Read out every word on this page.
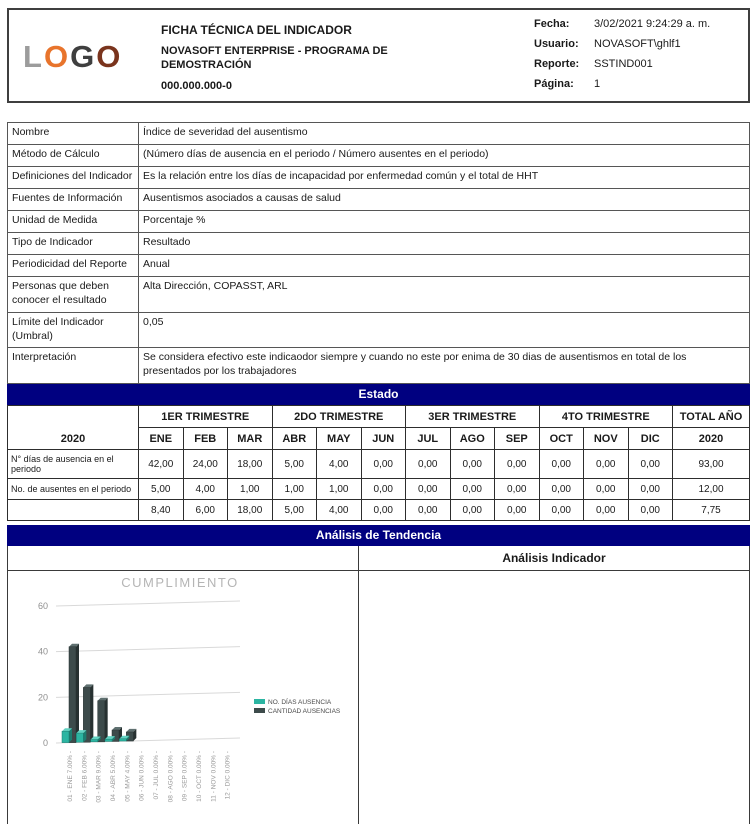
L O G O
FICHA TÉCNICA DEL INDICADOR
NOVASOFT ENTERPRISE - PROGRAMA DE DEMOSTRACIÓN
000.000.000-0
Fecha:	3/02/2021 9:24:29 a. m.
Usuario:	NOVASOFT\ghlf1
Reporte:	SSTIND001
Página:	1
Nombre	Índice de severidad del ausentismo
Método de Cálculo	(Número días de ausencia en el periodo / Número ausentes en el periodo)
Definiciones del Indicador	Es la relación entre los días de incapacidad por enfermedad común y el total de HHT
Fuentes de Información	Ausentismos asociados a causas de salud
Unidad de Medida	Porcentaje %
Tipo de Indicador	Resultado
Periodicidad del Reporte	Anual
Personas que deben conocer el resultado	Alta Dirección, COPASST, ARL
Límite del Indicador (Umbral)	0,05
Interpretación	Se considera efectivo este indicaodor siempre y cuando no este por enima de 30 dias de ausentismos en total de los presentados por los trabajadores
Estado
2020	1ER TRIMESTRE			2DO TRIMESTRE			3ER TRIMESTRE			4TO TRIMESTRE			TOTAL AÑO
	ENE	FEB	MAR	ABR	MAY	JUN	JUL	AGO	SEP	OCT	NOV	DIC	2020
N° días de ausencia en el periodo	42,00	24,00	18,00	5,00	4,00	0,00	0,00	0,00	0,00	0,00	0,00	0,00	93,00
No. de ausentes en el periodo	5,00	4,00	1,00	1,00	1,00	0,00	0,00	0,00	0,00	0,00	0,00	0,00	12,00
	8,40	6,00	18,00	5,00	4,00	0,00	0,00	0,00	0,00	0,00	0,00	0,00	7,75
Análisis de Tendencia
Análisis Indicador
CUMPLIMIENTO
0
20
40
60
01 - ENE 7.00% - 02 - FEB 6.00% - 03 - MAR 9.00% - 04 - ABR 5.00% - 05 - MAY 4.00% - 06 - JUN 0.00% - 07 - JUL 0.00% - 08 - AGO 0.00% - 09 - SEP 0.00% - 10 - OCT 0.00% - 11 - NOV 0.00% - 12 - DIC 0.00% -
NO. DÍAS AUSENCIA
CANTIDAD AUSENCIAS
